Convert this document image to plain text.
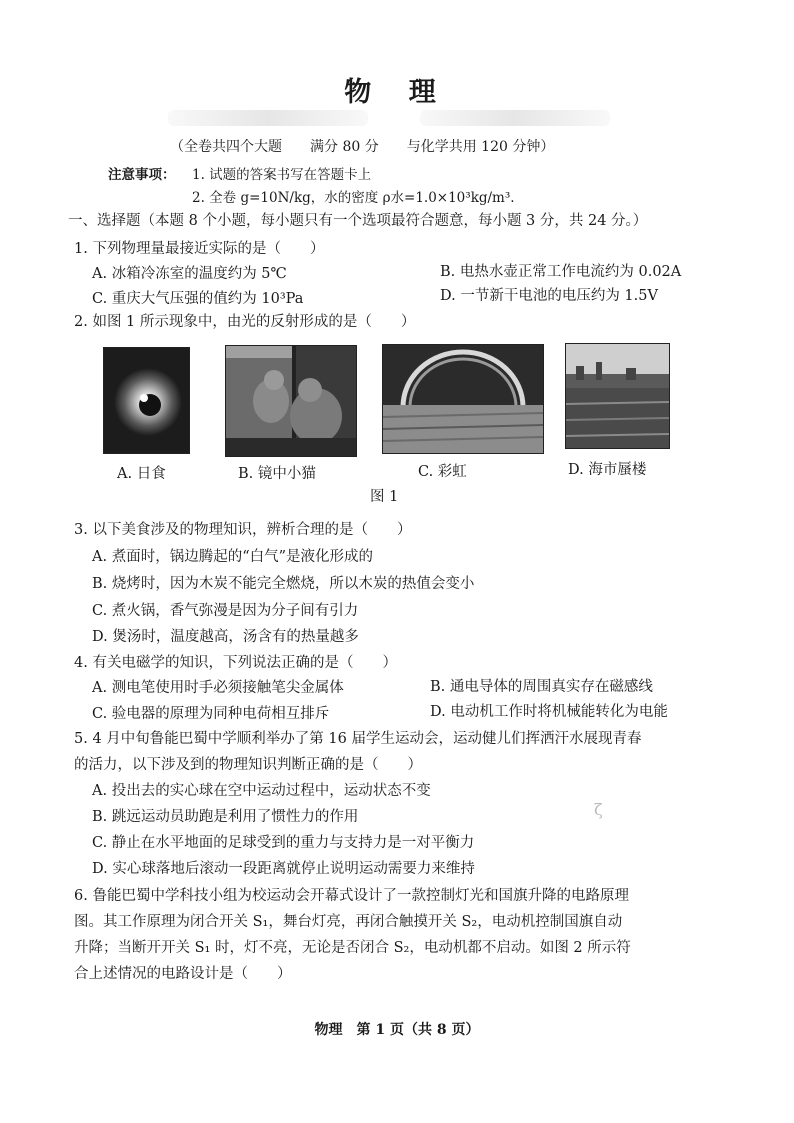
物 理
（全卷共四个大题　　满分 80 分　　与化学共用 120 分钟）
注意事项： 1. 试题的答案书写在答题卡上
2. 全卷 g=10N/kg，水的密度 ρ水=1.0×10³kg/m³.
一、选择题（本题 8 个小题，每小题只有一个选项最符合题意，每小题 3 分，共 24 分。）
1. 下列物理量最接近实际的是（　　）
A. 冰箱冷冻室的温度约为 5℃	B. 电热水壶正常工作电流约为 0.02A
C. 重庆大气压强的值约为 10³Pa	D. 一节新干电池的电压约为 1.5V
2. 如图 1 所示现象中，由光的反射形成的是（　　）
A. 日食	B. 镜中小猫	C. 彩虹	D. 海市蜃楼
图 1
3. 以下美食涉及的物理知识，辨析合理的是（　　）
A. 煮面时，锅边腾起的“白气”是液化形成的
B. 烧烤时，因为木炭不能完全燃烧，所以木炭的热值会变小
C. 煮火锅，香气弥漫是因为分子间有引力
D. 煲汤时，温度越高，汤含有的热量越多
4. 有关电磁学的知识，下列说法正确的是（　　）
A. 测电笔使用时手必须接触笔尖金属体	B. 通电导体的周围真实存在磁感线
C. 验电器的原理为同种电荷相互排斥	D. 电动机工作时将机械能转化为电能
5. 4 月中旬鲁能巴蜀中学顺利举办了第 16 届学生运动会，运动健儿们挥洒汗水展现青春
的活力，以下涉及到的物理知识判断正确的是（　　）
A. 投出去的实心球在空中运动过程中，运动状态不变
B. 跳远运动员助跑是利用了惯性力的作用
C. 静止在水平地面的足球受到的重力与支持力是一对平衡力
D. 实心球落地后滚动一段距离就停止说明运动需要力来维持
ζ
6. 鲁能巴蜀中学科技小组为校运动会开幕式设计了一款控制灯光和国旗升降的电路原理
图。其工作原理为闭合开关 S₁，舞台灯亮，再闭合触摸开关 S₂，电动机控制国旗自动
升降；当断开开关 S₁ 时，灯不亮，无论是否闭合 S₂，电动机都不启动。如图 2 所示符
合上述情况的电路设计是（　　）
物理　第 1 页（共 8 页）
